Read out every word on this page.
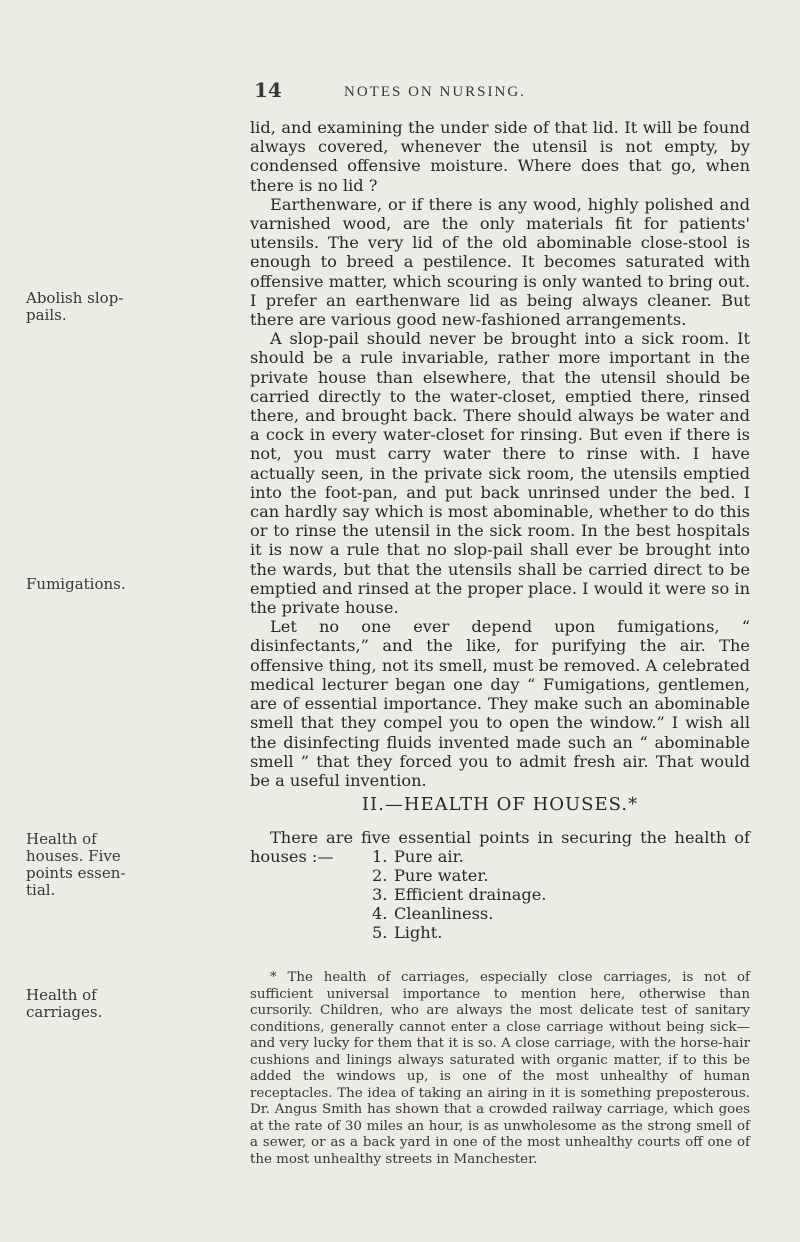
14	NOTES ON NURSING.

lid, and examining the under side of that lid. It will be found always covered, whenever the utensil is not empty, by condensed offensive moisture. Where does that go, when there is no lid ?

Earthenware, or if there is any wood, highly polished and varnished wood, are the only materials fit for patients' utensils. The very lid of the old abominable close-stool is enough to breed a pestilence. It becomes saturated with offensive matter, which scouring is only wanted to bring out. I prefer an earthenware lid as being always cleaner. But there are various good new-fashioned arrangements.

A slop-pail should never be brought into a sick room. It should be a rule invariable, rather more important in the private house than elsewhere, that the utensil should be carried directly to the water-closet, emptied there, rinsed there, and brought back. There should always be water and a cock in every water-closet for rinsing. But even if there is not, you must carry water there to rinse with. I have actually seen, in the private sick room, the utensils emptied into the foot-pan, and put back unrinsed under the bed. I can hardly say which is most abominable, whether to do this or to rinse the utensil in the sick room. In the best hospitals it is now a rule that no slop-pail shall ever be brought into the wards, but that the utensils shall be carried direct to be emptied and rinsed at the proper place. I would it were so in the private house.

Let no one ever depend upon fumigations, “ disinfectants,” and the like, for purifying the air. The offensive thing, not its smell, must be removed. A celebrated medical lecturer began one day “ Fumigations, gentlemen, are of essential importance. They make such an abominable smell that they compel you to open the window.” I wish all the disinfecting fluids invented made such an “ abominable smell ” that they forced you to admit fresh air. That would be a useful invention.

Abolish slop-pails.
Fumigations.
II.—HEALTH OF HOUSES.*

There are five essential points in securing the health of houses :—

Health of houses. Five points essential.
1. Pure air.
2. Pure water.
3. Efficient drainage.
4. Cleanliness.
5. Light.
Health of carriages.

* The health of carriages, especially close carriages, is not of sufficient universal importance to mention here, otherwise than cursorily. Children, who are always the most delicate test of sanitary conditions, generally cannot enter a close carriage without being sick—and very lucky for them that it is so. A close carriage, with the horse-hair cushions and linings always saturated with organic matter, if to this be added the windows up, is one of the most unhealthy of human receptacles. The idea of taking an airing in it is something preposterous. Dr. Angus Smith has shown that a crowded railway carriage, which goes at the rate of 30 miles an hour, is as unwholesome as the strong smell of a sewer, or as a back yard in one of the most unhealthy courts off one of the most unhealthy streets in Manchester.
